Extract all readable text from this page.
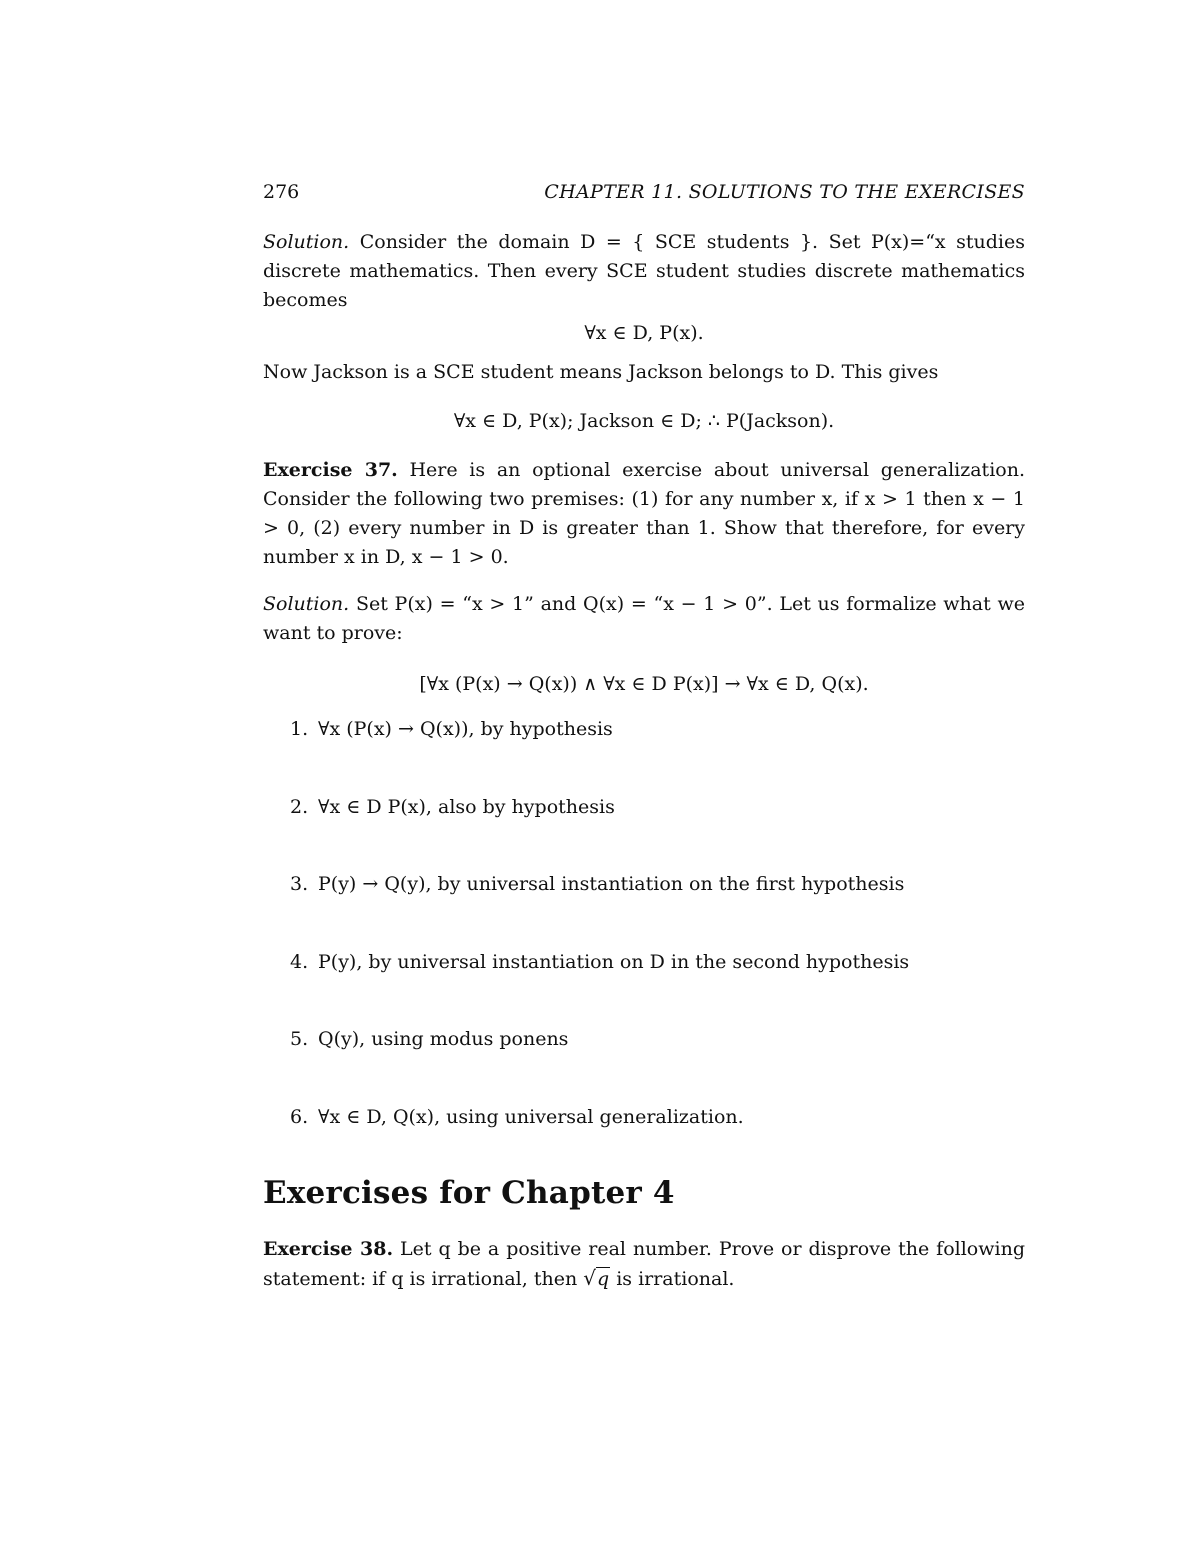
276	CHAPTER 11. SOLUTIONS TO THE EXERCISES

Solution. Consider the domain D = { SCE students }. Set P(x)=“x studies discrete mathematics. Then every SCE student studies discrete mathematics becomes

∀x ∈ D, P(x).

Now Jackson is a SCE student means Jackson belongs to D. This gives

∀x ∈ D, P(x); Jackson ∈ D; ∴ P(Jackson).

Exercise 37. Here is an optional exercise about universal generalization. Consider the following two premises: (1) for any number x, if x > 1 then x − 1 > 0, (2) every number in D is greater than 1. Show that therefore, for every number x in D, x − 1 > 0.

Solution. Set P(x) = “x > 1” and Q(x) = “x − 1 > 0”. Let us formalize what we want to prove:

[∀x (P(x) → Q(x)) ∧ ∀x ∈ D P(x)] → ∀x ∈ D, Q(x).
1. ∀x (P(x) → Q(x)), by hypothesis
2. ∀x ∈ D P(x), also by hypothesis
3. P(y) → Q(y), by universal instantiation on the first hypothesis
4. P(y), by universal instantiation on D in the second hypothesis
5. Q(y), using modus ponens
6. ∀x ∈ D, Q(x), using universal generalization.
Exercises for Chapter 4

Exercise 38. Let q be a positive real number. Prove or disprove the following statement: if q is irrational, then √q is irrational.
